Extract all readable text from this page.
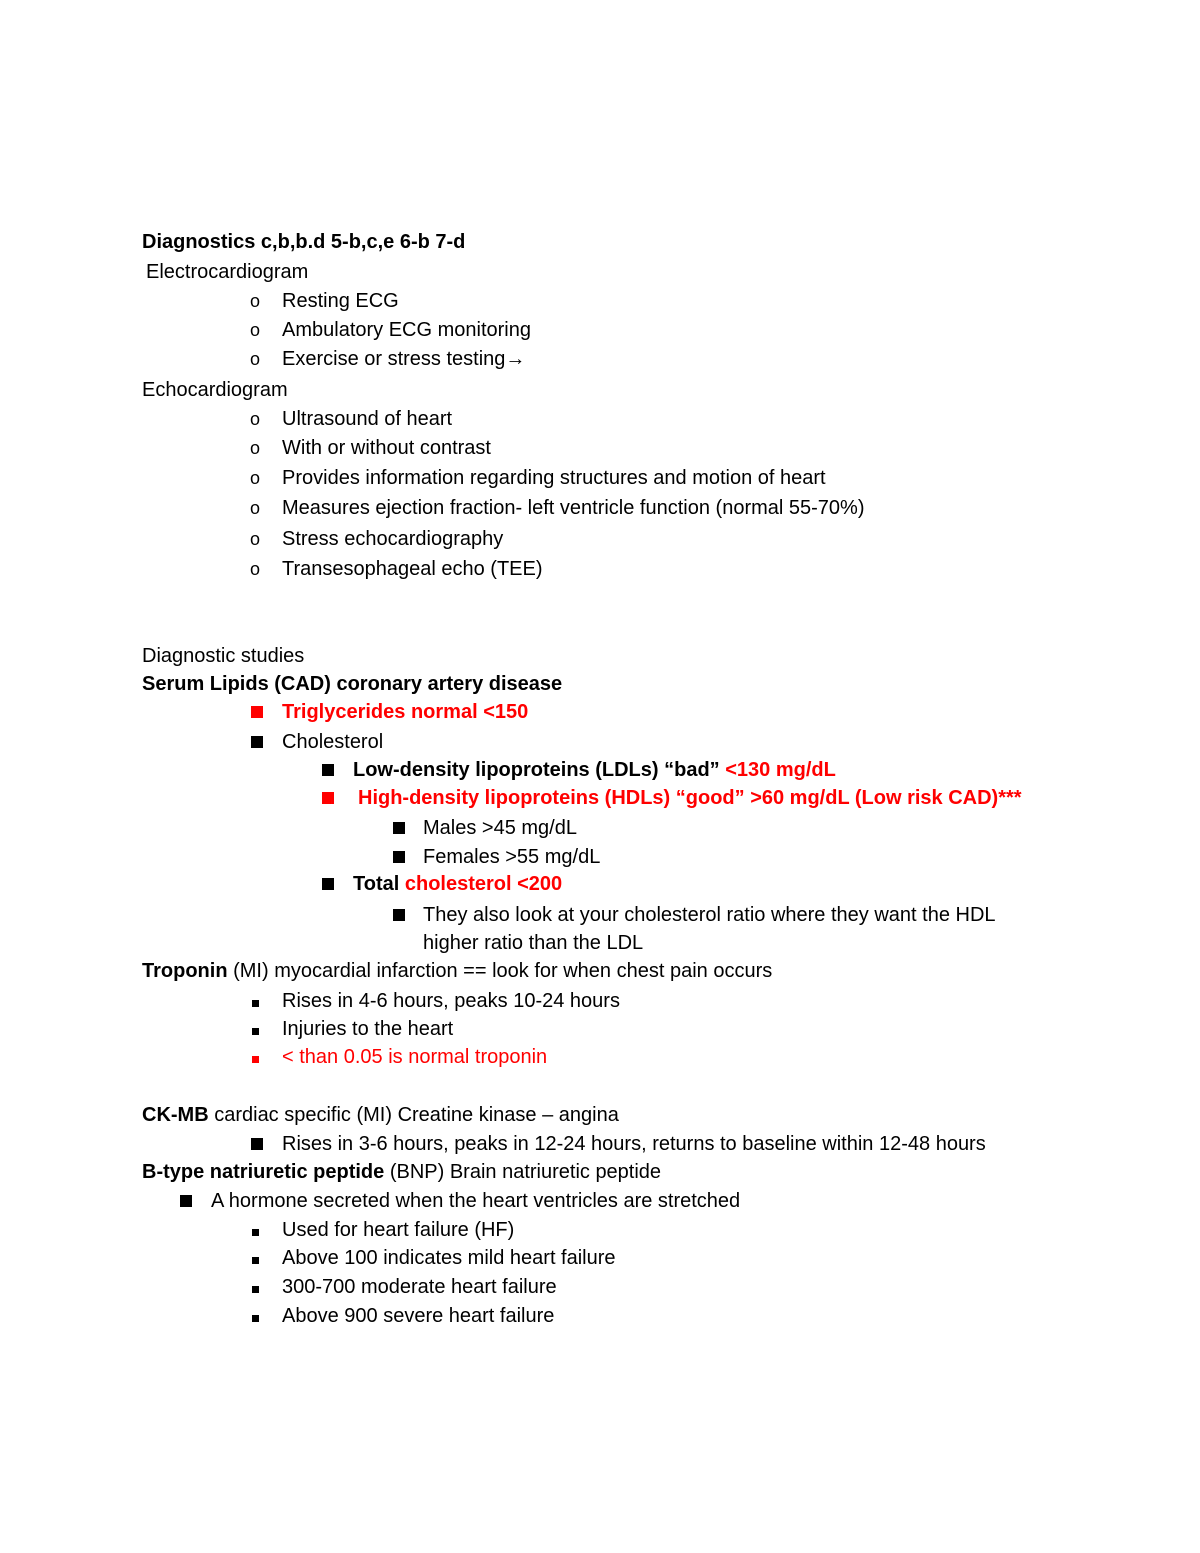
Diagnostics c,b,b.d 5-b,c,e 6-b 7-d
Electrocardiogram
o Resting ECG
o Ambulatory ECG monitoring
o Exercise or stress testing→
Echocardiogram
o Ultrasound of heart
o With or without contrast
o Provides information regarding structures and motion of heart
o Measures ejection fraction- left ventricle function (normal 55-70%)
o Stress echocardiography
o Transesophageal echo (TEE)
Diagnostic studies
Serum Lipids (CAD) coronary artery disease
Triglycerides normal <150
Cholesterol
Low-density lipoproteins (LDLs) “bad” <130 mg/dL
High-density lipoproteins (HDLs) “good” >60 mg/dL (Low risk CAD)***
Males >45 mg/dL
Females >55 mg/dL
Total cholesterol <200
They also look at your cholesterol ratio where they want the HDL
higher ratio than the LDL
Troponin (MI) myocardial infarction == look for when chest pain occurs
Rises in 4-6 hours, peaks 10-24 hours
Injuries to the heart
< than 0.05 is normal troponin
CK-MB cardiac specific (MI) Creatine kinase – angina
Rises in 3-6 hours, peaks in 12-24 hours, returns to baseline within 12-48 hours
B-type natriuretic peptide (BNP) Brain natriuretic peptide
A hormone secreted when the heart ventricles are stretched
Used for heart failure (HF)
Above 100 indicates mild heart failure
300-700 moderate heart failure
Above 900 severe heart failure
